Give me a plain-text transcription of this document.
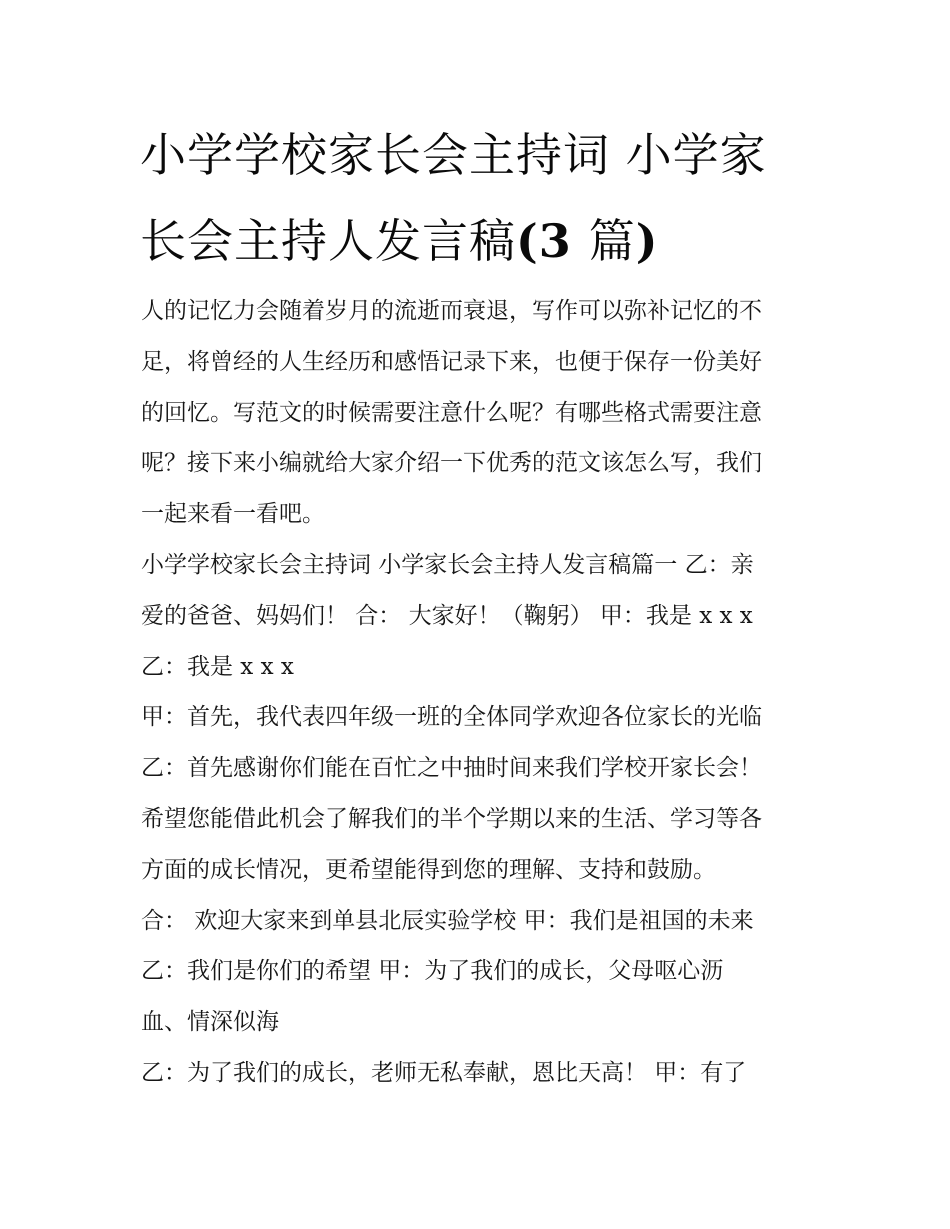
小学学校家长会主持词 小学家
长会主持人发言稿(3 篇)
人的记忆力会随着岁月的流逝而衰退，写作可以弥补记忆的不
足，将曾经的人生经历和感悟记录下来，也便于保存一份美好
的回忆。写范文的时候需要注意什么呢？有哪些格式需要注意
呢？接下来小编就给大家介绍一下优秀的范文该怎么写，我们
一起来看一看吧。
小学学校家长会主持词 小学家长会主持人发言稿篇一 乙：亲
爱的爸爸、妈妈们！ 合： 大家好！（鞠躬） 甲：我是 x x x
乙：我是 x x x
甲：首先，我代表四年级一班的全体同学欢迎各位家长的光临
乙：首先感谢你们能在百忙之中抽时间来我们学校开家长会！
希望您能借此机会了解我们的半个学期以来的生活、学习等各
方面的成长情况，更希望能得到您的理解、支持和鼓励。
合： 欢迎大家来到单县北辰实验学校 甲：我们是祖国的未来
乙：我们是你们的希望 甲：为了我们的成长，父母呕心沥
血、情深似海
乙：为了我们的成长，老师无私奉献，恩比天高！ 甲：有了
